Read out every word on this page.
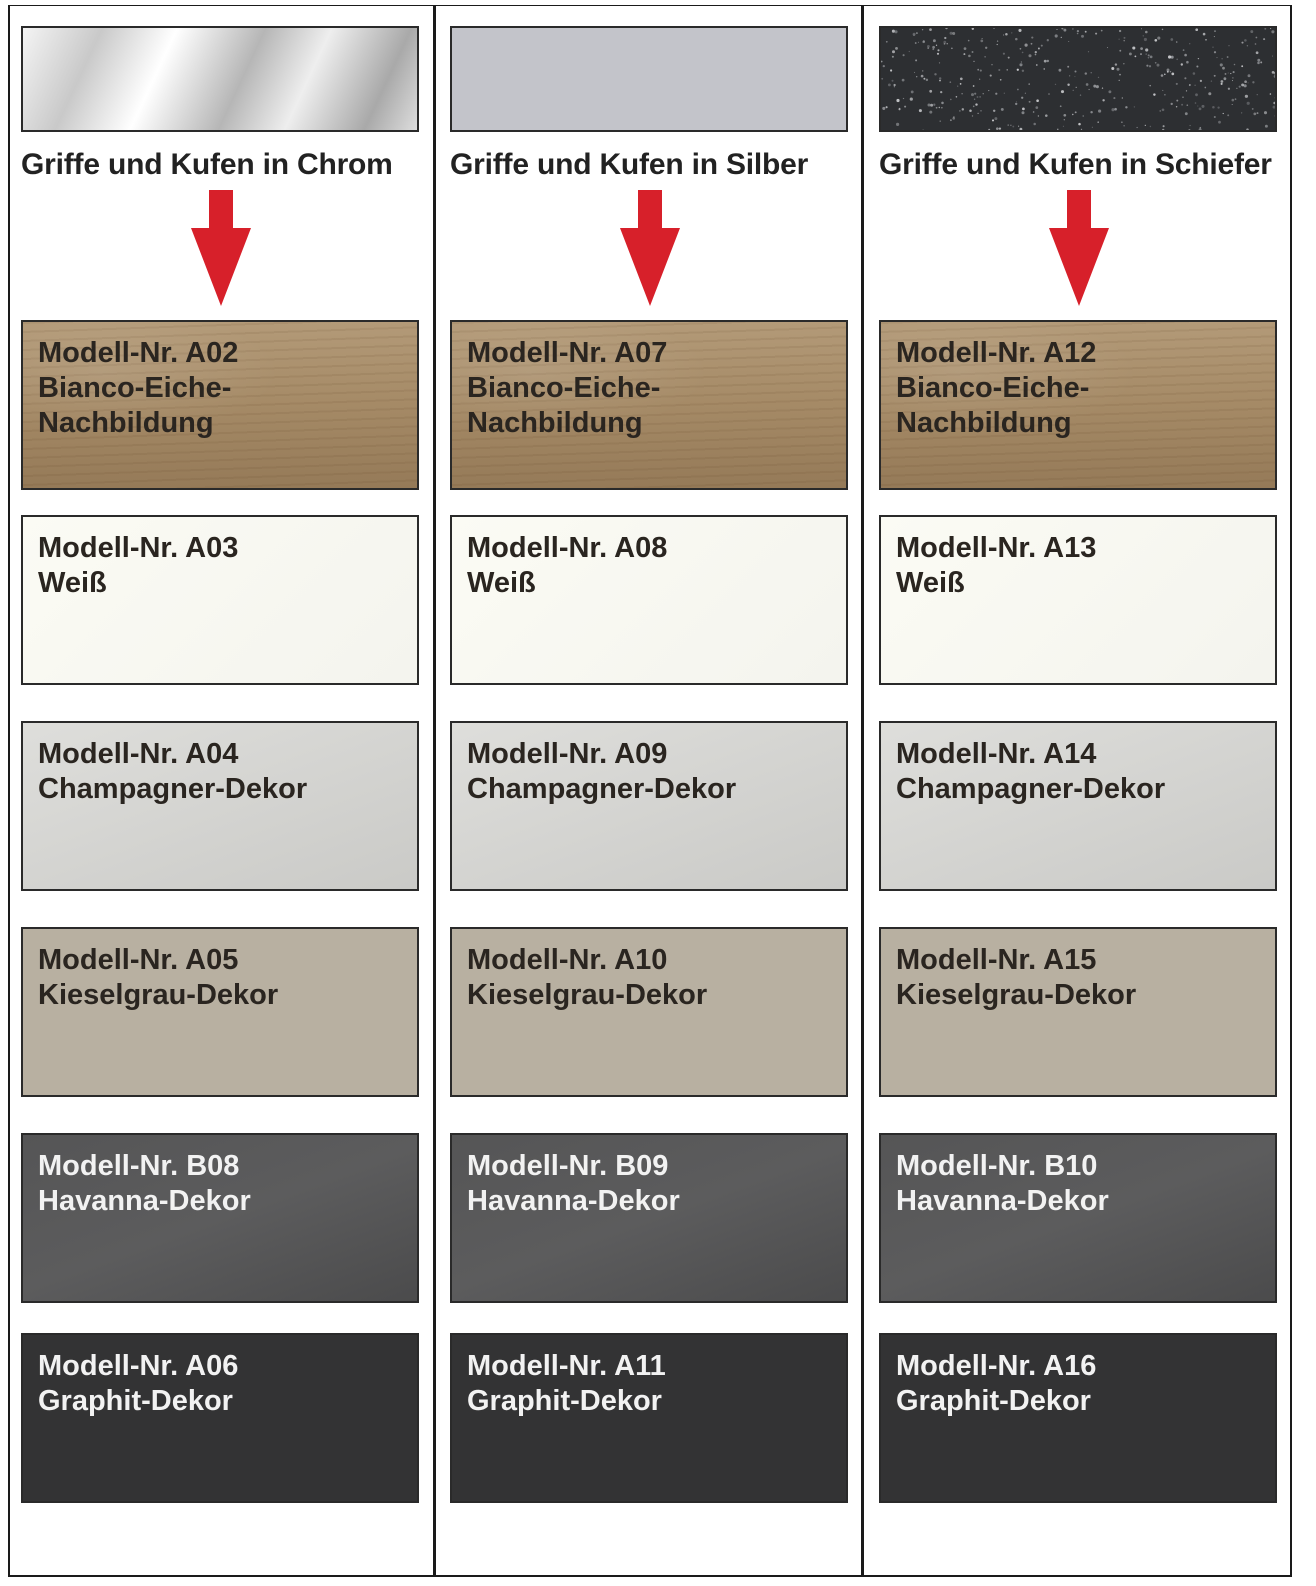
Griffe und Kufen in Chrom
Modell-Nr. A02
Bianco-Eiche-
Nachbildung
Modell-Nr. A03
Weiß
Modell-Nr. A04
Champagner-Dekor
Modell-Nr. A05
Kieselgrau-Dekor
Modell-Nr. B08
Havanna-Dekor
Modell-Nr. A06
Graphit-Dekor
Griffe und Kufen in Silber
Modell-Nr. A07
Bianco-Eiche-
Nachbildung
Modell-Nr. A08
Weiß
Modell-Nr. A09
Champagner-Dekor
Modell-Nr. A10
Kieselgrau-Dekor
Modell-Nr. B09
Havanna-Dekor
Modell-Nr. A11
Graphit-Dekor
Griffe und Kufen in Schiefer
Modell-Nr. A12
Bianco-Eiche-
Nachbildung
Modell-Nr. A13
Weiß
Modell-Nr. A14
Champagner-Dekor
Modell-Nr. A15
Kieselgrau-Dekor
Modell-Nr. B10
Havanna-Dekor
Modell-Nr. A16
Graphit-Dekor
